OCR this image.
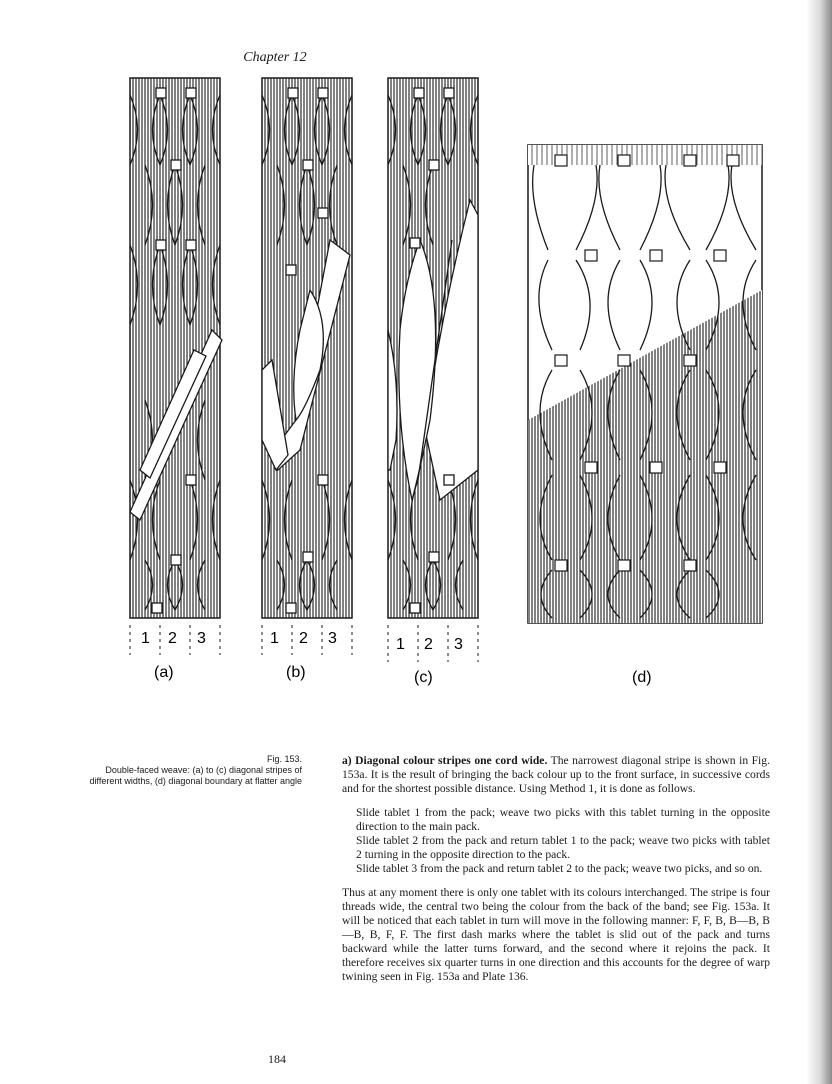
Chapter 12
1 2 3	1 2 3	1 2 3
(a)	(b)	(c)	(d)
Fig. 153.
Double-faced weave: (a) to (c) diagonal stripes of different widths, (d) diagonal boundary at flatter angle

a) Diagonal colour stripes one cord wide. The narrowest diagonal stripe is shown in Fig. 153a. It is the result of bringing the back colour up to the front surface, in successive cords and for the shortest possible distance. Using Method 1, it is done as follows.

Slide tablet 1 from the pack; weave two picks with this tablet turning in the opposite direction to the main pack.

Slide tablet 2 from the pack and return tablet 1 to the pack; weave two picks with tablet 2 turning in the opposite direction to the pack.

Slide tablet 3 from the pack and return tablet 2 to the pack; weave two picks, and so on.

Thus at any moment there is only one tablet with its colours interchanged. The stripe is four threads wide, the central two being the colour from the back of the band; see Fig. 153a. It will be noticed that each tablet in turn will move in the following manner: F, F, B, B—B, B—B, B, F, F. The first dash marks where the tablet is slid out of the pack and turns backward while the latter turns forward, and the second where it rejoins the pack. It therefore receives six quarter turns in one direction and this accounts for the degree of warp twining seen in Fig. 153a and Plate 136.

184
